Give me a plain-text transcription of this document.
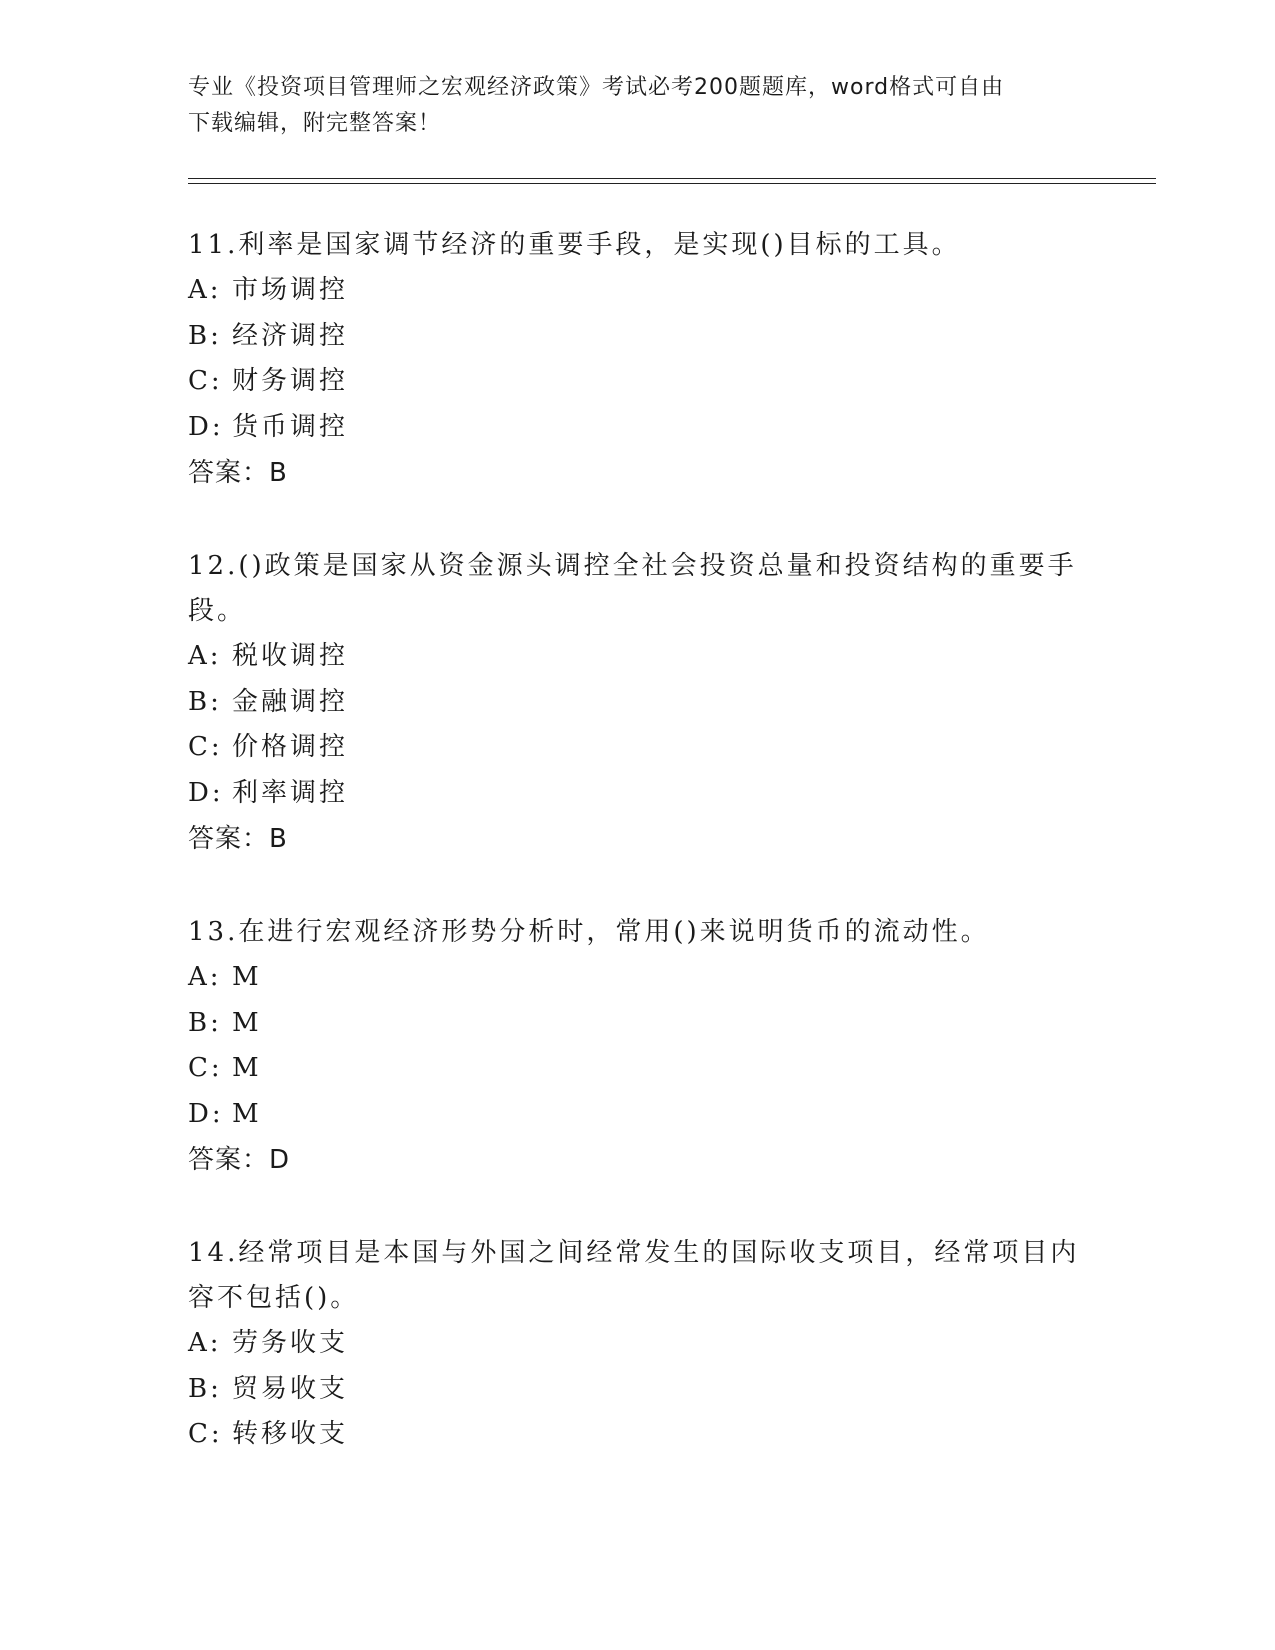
专业《投资项目管理师之宏观经济政策》考试必考200题题库，word格式可自由
下载编辑，附完整答案！
11.利率是国家调节经济的重要手段，是实现()目标的工具。
A: 市场调控
B: 经济调控
C: 财务调控
D: 货币调控
答案：B
12.()政策是国家从资金源头调控全社会投资总量和投资结构的重要手段。
A: 税收调控
B: 金融调控
C: 价格调控
D: 利率调控
答案：B
13.在进行宏观经济形势分析时，常用()来说明货币的流动性。
A: M
B: M
C: M
D: M
答案：D
14.经常项目是本国与外国之间经常发生的国际收支项目，经常项目内容不包括()。
A: 劳务收支
B: 贸易收支
C: 转移收支
